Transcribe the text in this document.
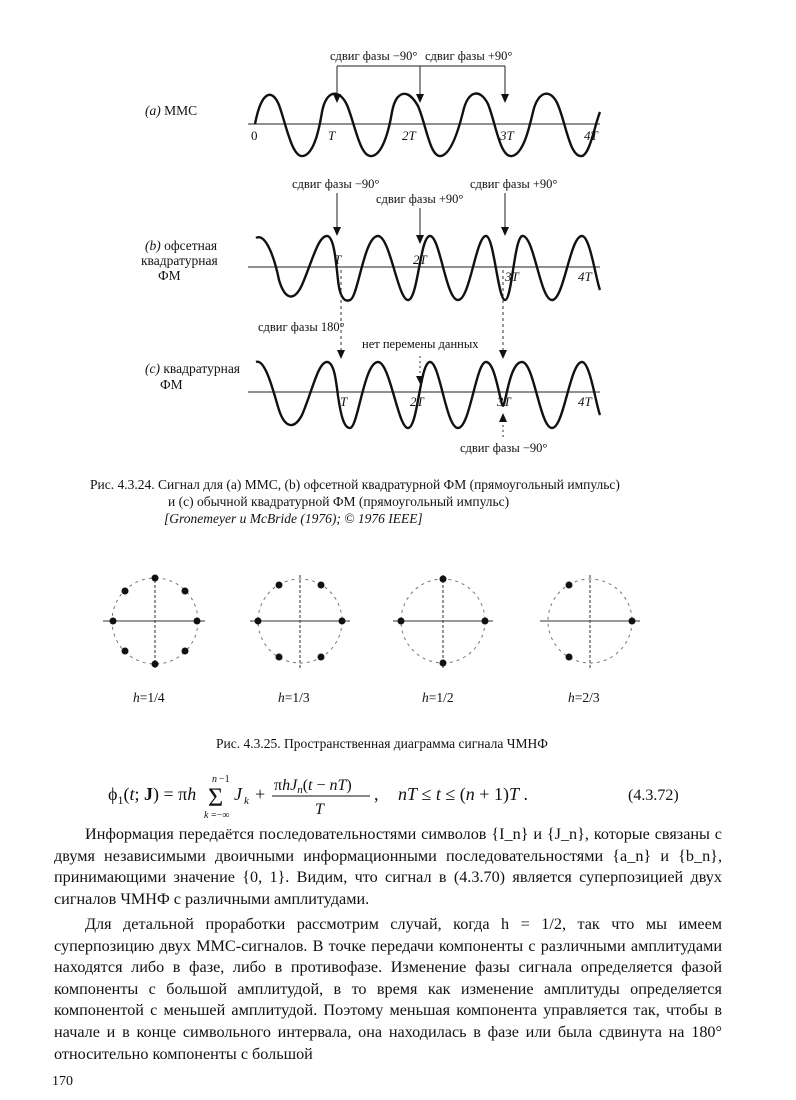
(a) ММС
(b) офсетная
квадратурная
ФМ
(c) квадратурная
ФМ
0	T	2T	3T	4T
T	2T
3T	4T
T	2T	3T	4T
сдвиг фазы −90° сдвиг фазы +90°
сдвиг фазы −90°	сдвиг фазы +90°
сдвиг фазы +90°
сдвиг фазы 180°
нет перемены данных
сдвиг фазы −90°
Рис. 4.3.24. Сигнал для (a) ММС, (b) офсетной квадратурной ФМ (прямоугольный импульс)
и (c) обычной квадратурной ФМ (прямоугольный импульс)
[Gronemeyer и McBride (1976); © 1976 IEEE]
h=1/4	h=1/3	h=1/2	h=2/3
Рис. 4.3.25. Пространственная диаграмма сигнала ЧМНФ
$\phi_1(t$; J) = πh
n −1
Σ
k =−∞
J k + πhJn(t − nT)
T
, nT ≤ t ≤ (n + 1)T .	(4.3.72)

Информация передаётся последовательностями символов {I_n} и {J_n}, которые связаны с двумя независимыми двоичными информационными последовательностями {a_n} и {b_n}, принимающими значение {0, 1}. Видим, что сигнал в (4.3.70) является суперпозицией двух сигналов ЧМНФ с различными амплитудами.

Для детальной проработки рассмотрим случай, когда h = 1/2, так что мы имеем суперпозицию двух ММС-сигналов. В точке передачи компоненты с различными амплитудами находятся либо в фазе, либо в противофазе. Изменение фазы сигнала определяется фазой компоненты с большой амплитудой, в то время как изменение амплитуды определяется компонентой с меньшей амплитудой. Поэтому меньшая компонента управляется так, чтобы в начале и в конце символьного интервала, она находилась в фазе или была сдвинута на 180° относительно компоненты с большой

170
